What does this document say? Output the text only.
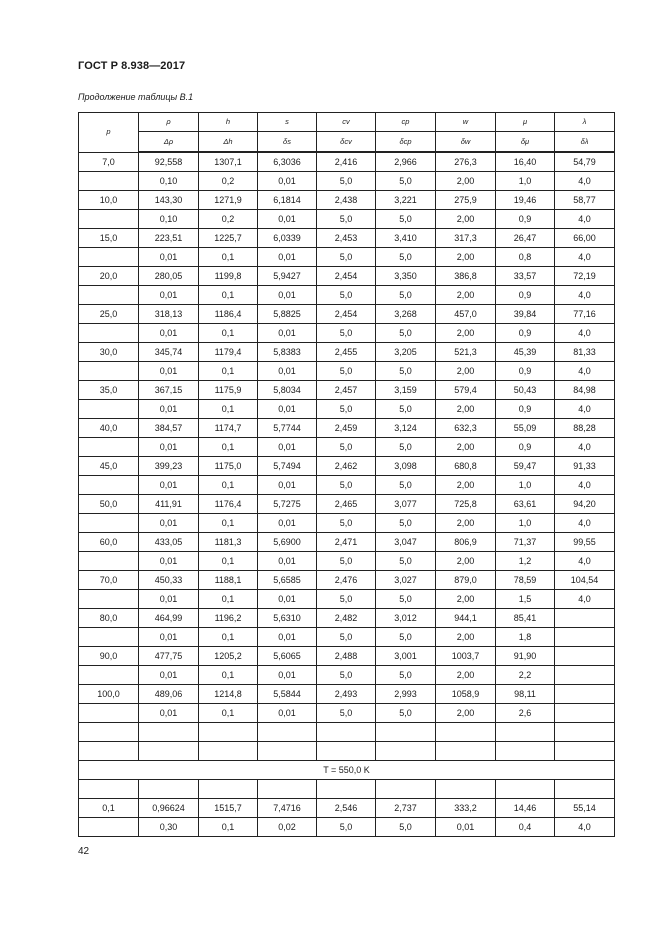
ГОСТ Р 8.938—2017
Продолжение таблицы В.1
p	ρ	h	s	cv	cp	w	μ	λ
	Δρ	Δh	δs	δcv	δcp	δw	δμ	δλ
7,0	92,558	1307,1	6,3036	2,416	2,966	276,3	16,40	54,79
	0,10	0,2	0,01	5,0	5,0	2,00	1,0	4,0
10,0	143,30	1271,9	6,1814	2,438	3,221	275,9	19,46	58,77
	0,10	0,2	0,01	5,0	5,0	2,00	0,9	4,0
15,0	223,51	1225,7	6,0339	2,453	3,410	317,3	26,47	66,00
	0,01	0,1	0,01	5,0	5,0	2,00	0,8	4,0
20,0	280,05	1199,8	5,9427	2,454	3,350	386,8	33,57	72,19
	0,01	0,1	0,01	5,0	5,0	2,00	0,9	4,0
25,0	318,13	1186,4	5,8825	2,454	3,268	457,0	39,84	77,16
	0,01	0,1	0,01	5,0	5,0	2,00	0,9	4,0
30,0	345,74	1179,4	5,8383	2,455	3,205	521,3	45,39	81,33
	0,01	0,1	0,01	5,0	5,0	2,00	0,9	4,0
35,0	367,15	1175,9	5,8034	2,457	3,159	579,4	50,43	84,98
	0,01	0,1	0,01	5,0	5,0	2,00	0,9	4,0
40,0	384,57	1174,7	5,7744	2,459	3,124	632,3	55,09	88,28
	0,01	0,1	0,01	5,0	5,0	2,00	0,9	4,0
45,0	399,23	1175,0	5,7494	2,462	3,098	680,8	59,47	91,33
	0,01	0,1	0,01	5,0	5,0	2,00	1,0	4,0
50,0	411,91	1176,4	5,7275	2,465	3,077	725,8	63,61	94,20
	0,01	0,1	0,01	5,0	5,0	2,00	1,0	4,0
60,0	433,05	1181,3	5,6900	2,471	3,047	806,9	71,37	99,55
	0,01	0,1	0,01	5,0	5,0	2,00	1,2	4,0
70,0	450,33	1188,1	5,6585	2,476	3,027	879,0	78,59	104,54
	0,01	0,1	0,01	5,0	5,0	2,00	1,5	4,0
80,0	464,99	1196,2	5,6310	2,482	3,012	944,1	85,41	
	0,01	0,1	0,01	5,0	5,0	2,00	1,8	
90,0	477,75	1205,2	5,6065	2,488	3,001	1003,7	91,90	
	0,01	0,1	0,01	5,0	5,0	2,00	2,2	
100,0	489,06	1214,8	5,5844	2,493	2,993	1058,9	98,11	
	0,01	0,1	0,01	5,0	5,0	2,00	2,6	

T = 550,0 K								

0,1	0,96624	1515,7	7,4716	2,546	2,737	333,2	14,46	55,14
	0,30	0,1	0,02	5,0	5,0	0,01	0,4	4,0
42
